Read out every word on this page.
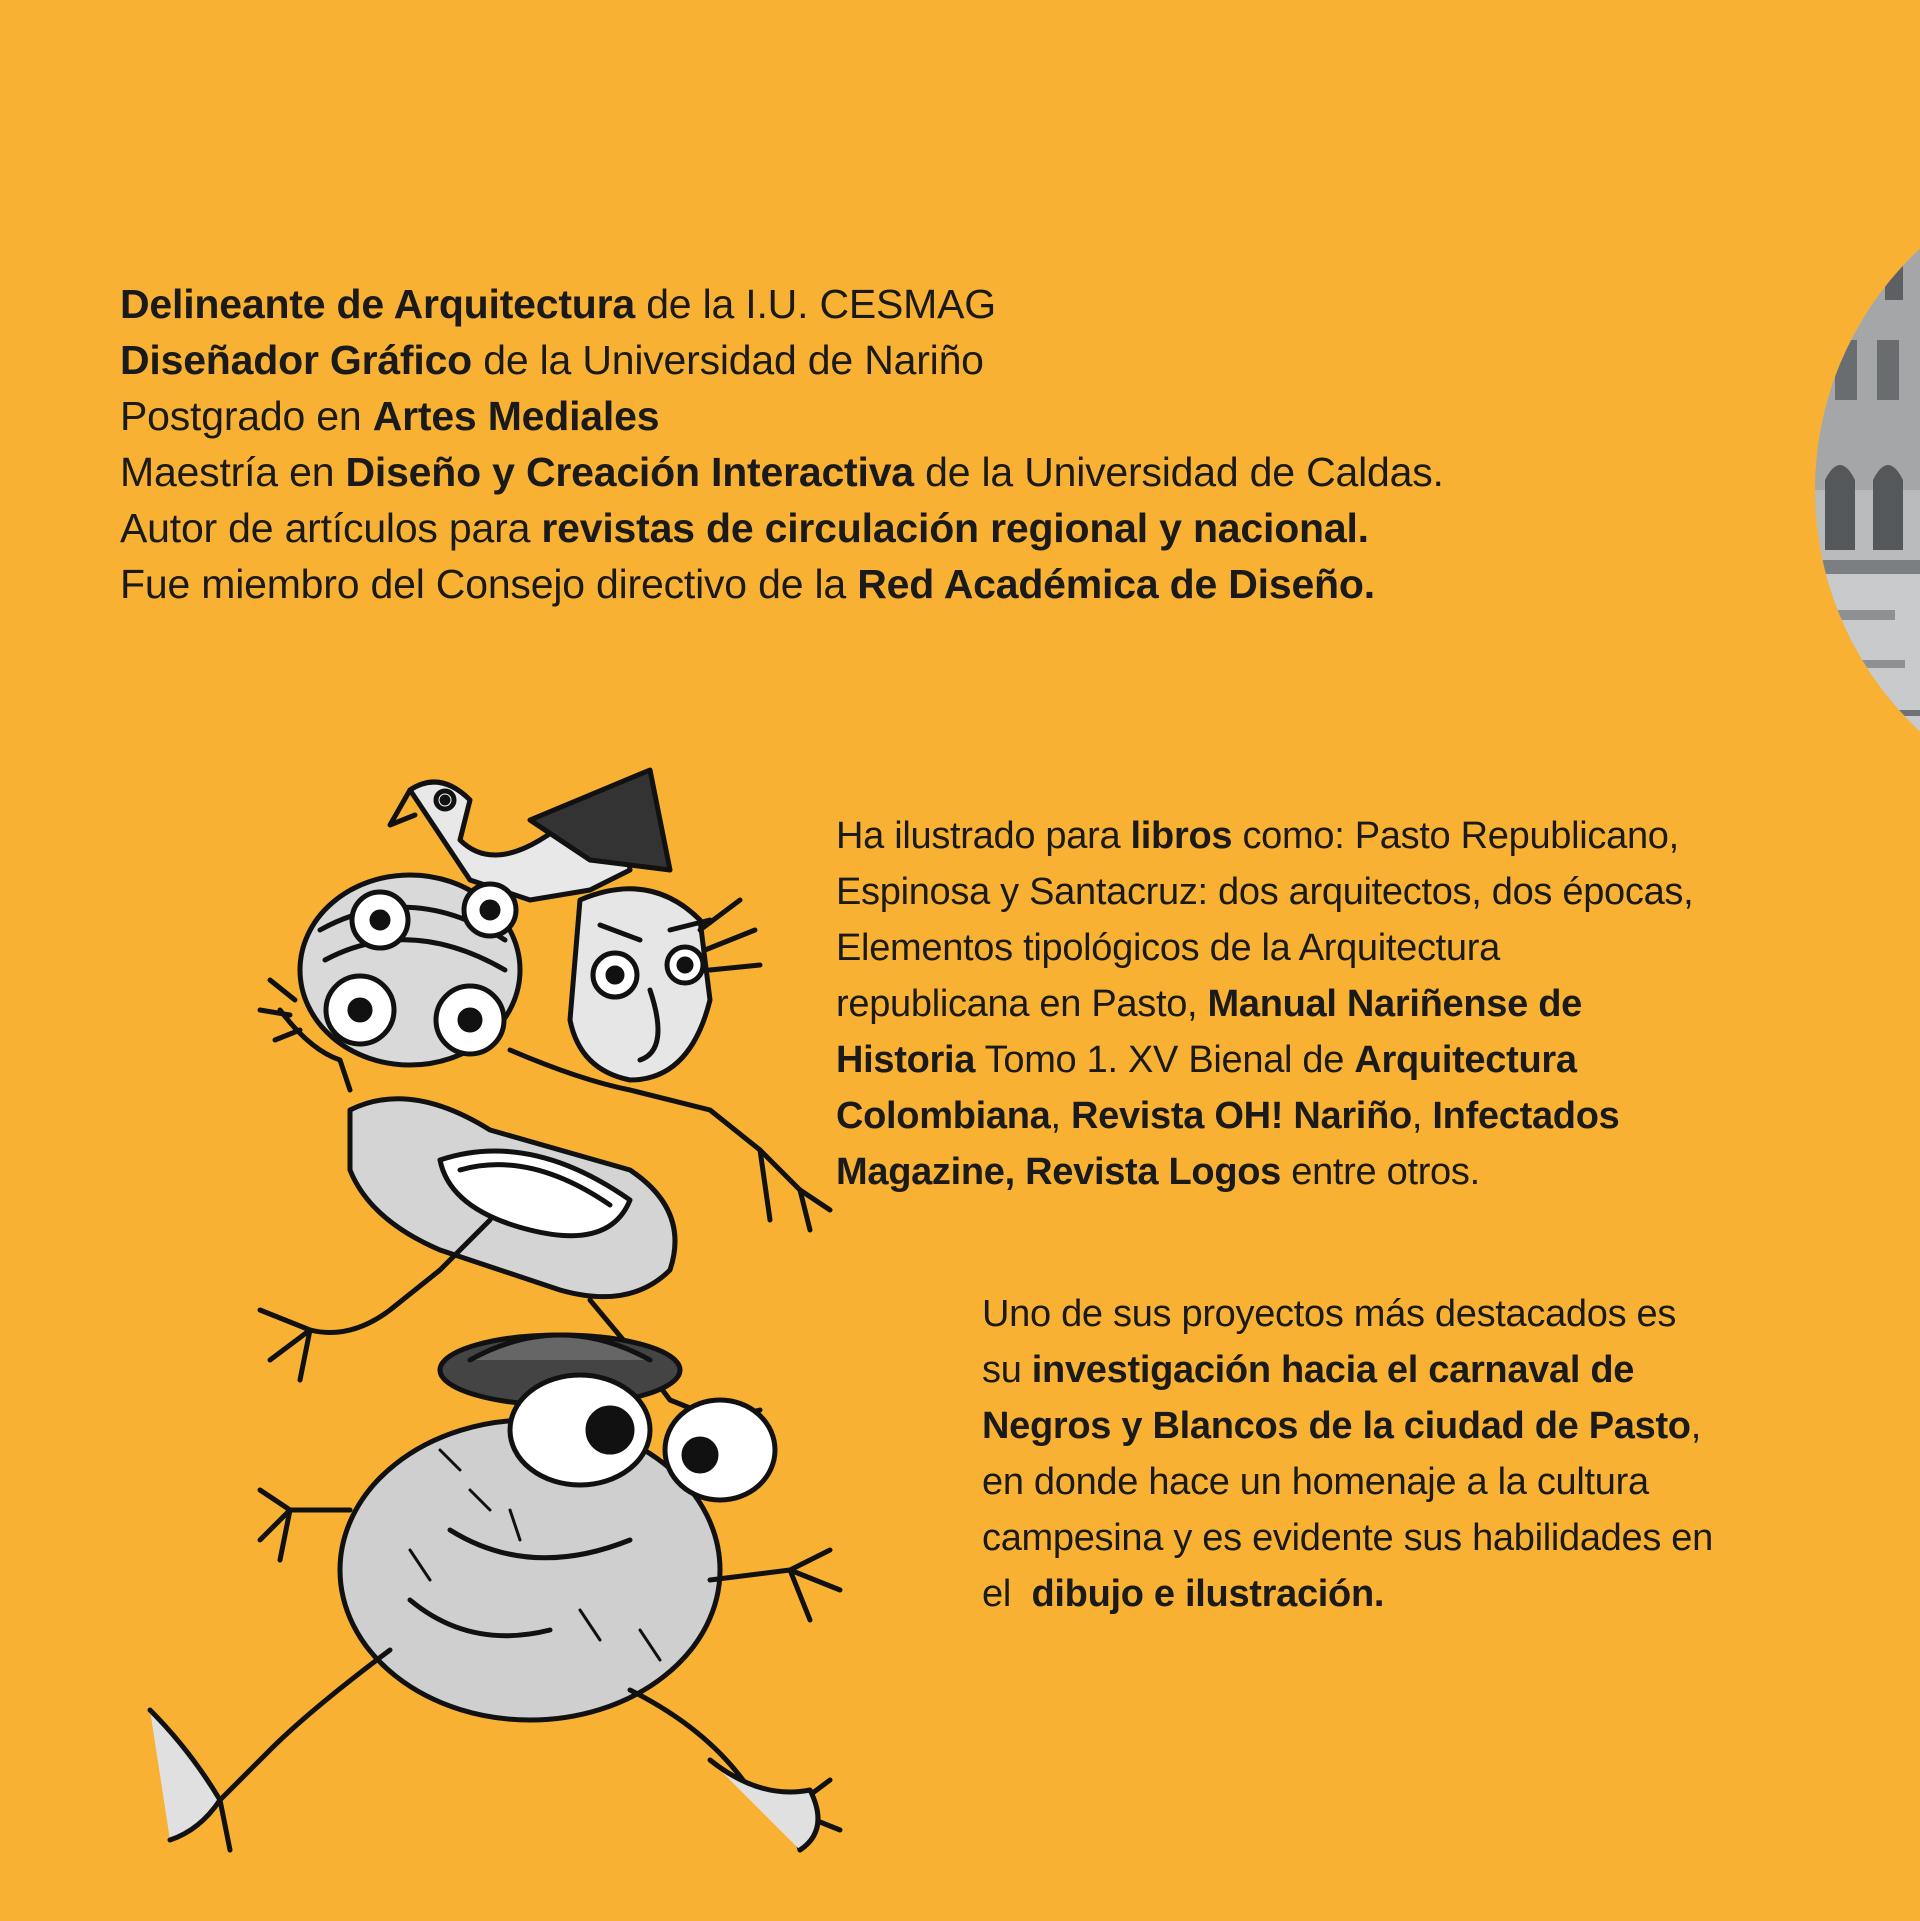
Delineante de Arquitectura de la I.U. CESMAG
Diseñador Gráfico de la Universidad de Nariño
Postgrado en Artes Mediales
Maestría en Diseño y Creación Interactiva de la Universidad de Caldas.
Autor de artículos para revistas de circulación regional y nacional.
Fue miembro del Consejo directivo de la Red Académica de Diseño.
Ha ilustrado para libros como: Pasto Republicano,
Espinosa y Santacruz: dos arquitectos, dos épocas,
Elementos tipológicos de la Arquitectura
republicana en Pasto, Manual Nariñense de
Historia Tomo 1. XV Bienal de Arquitectura
Colombiana, Revista OH! Nariño, Infectados
Magazine, Revista Logos entre otros.
Uno de sus proyectos más destacados es
su investigación hacia el carnaval de
Negros y Blancos de la ciudad de Pasto,
en donde hace un homenaje a la cultura
campesina y es evidente sus habilidades en
el  dibujo e ilustración.
